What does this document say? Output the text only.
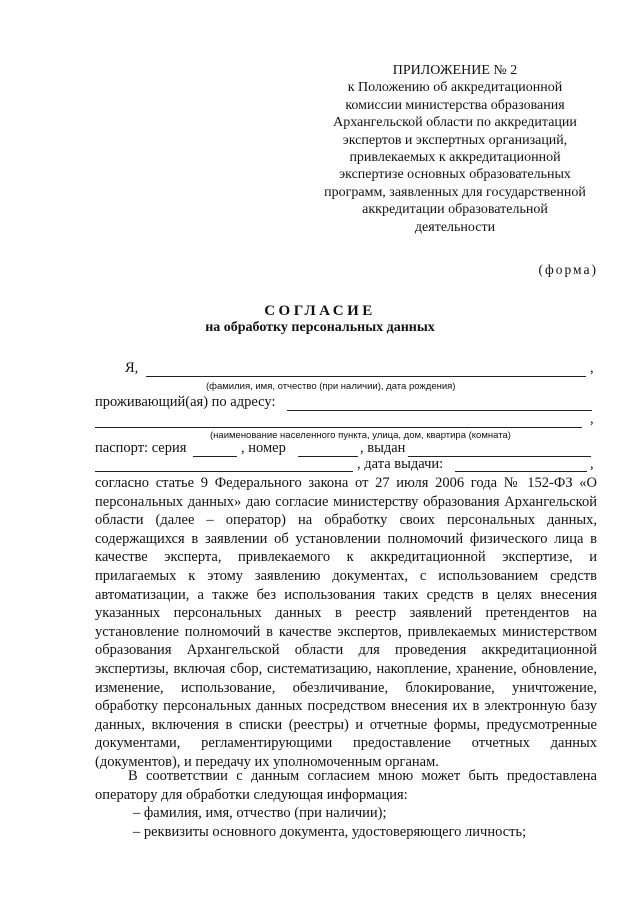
ПРИЛОЖЕНИЕ № 2
к Положению об аккредитационной
комиссии министерства образования
Архангельской области по аккредитации
экспертов и экспертных организаций,
привлекаемых к аккредитационной
экспертизе основных образовательных
программ, заявленных для государственной
аккредитации образовательной
деятельности
(форма)
СОГЛАСИЕ
на обработку персональных данных
Я,	,
(фамилия, имя, отчество (при наличии), дата рождения)
проживающий(ая) по адресу:
,
(наименование населенного пункта, улица, дом, квартира (комната)
паспорт: серия	, номер	, выдан
, дата выдачи:	,
согласно статье 9 Федерального закона от 27 июля 2006 года № 152-ФЗ «О персональных данных» даю согласие министерству образования Архангельской области (далее – оператор) на обработку своих персональных данных, содержащихся в заявлении об установлении полномочий физического лица в качестве эксперта, привлекаемого к аккредитационной экспертизе, и прилагаемых к этому заявлению документах, с использованием средств автоматизации, а также без использования таких средств в целях внесения указанных персональных данных в реестр заявлений претендентов на установление полномочий в качестве экспертов, привлекаемых министерством образования Архангельской области для проведения аккредитационной экспертизы, включая сбор, систематизацию, накопление, хранение, обновление, изменение, использование, обезличивание, блокирование, уничтожение, обработку персональных данных посредством внесения их в электронную базу данных, включения в списки (реестры) и отчетные формы, предусмотренные документами, регламентирующими предоставление отчетных данных (документов), и передачу их уполномоченным органам.
В соответствии с данным согласием мною может быть предоставлена оператору для обработки следующая информация:
– фамилия, имя, отчество (при наличии);
– реквизиты основного документа, удостоверяющего личность;
